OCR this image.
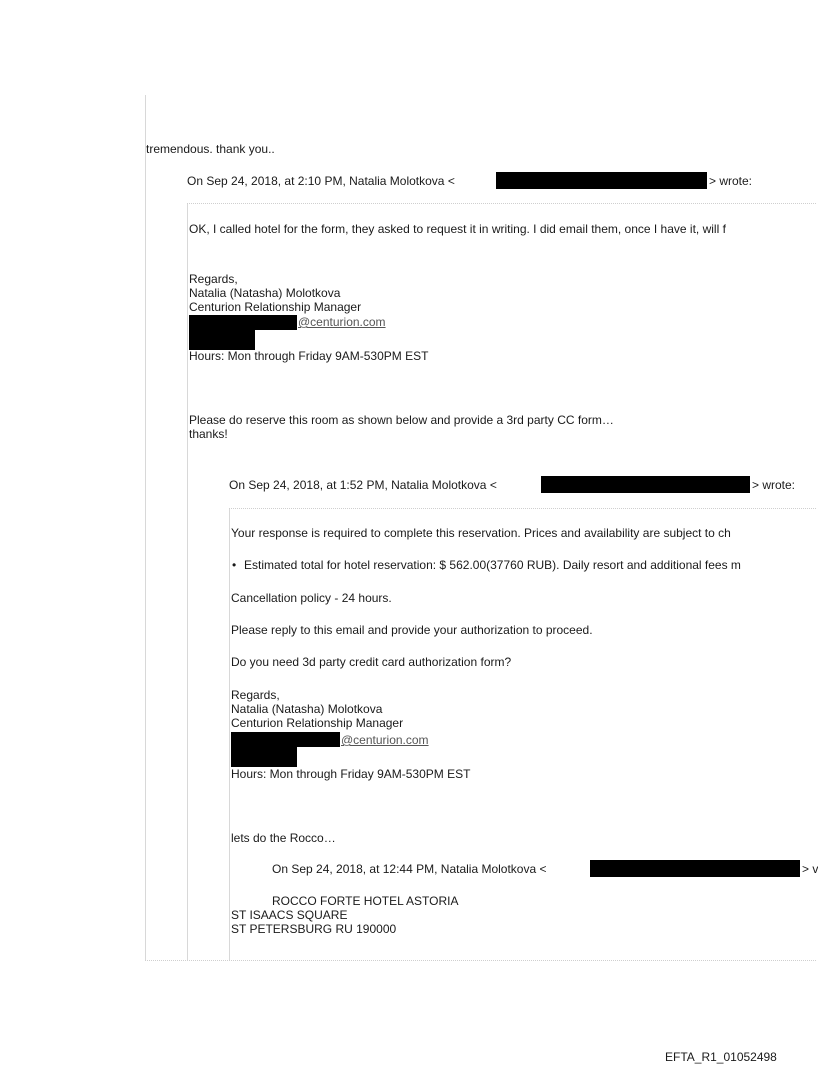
tremendous. thank you..
On Sep 24, 2018, at 2:10 PM, Natalia Molotkova <	> wrote:
OK, I called hotel for the form, they asked to request it in writing. I did email them, once I have it, will f
Regards,
Natalia (Natasha) Molotkova
Centurion Relationship Manager
@centurion.com
Hours: Mon through Friday 9AM-530PM EST
Please do reserve this room as shown below and provide a 3rd party CC form…
thanks!
On Sep 24, 2018, at 1:52 PM, Natalia Molotkova <	> wrote:
Your response is required to complete this reservation. Prices and availability are subject to ch
• Estimated total for hotel reservation: $ 562.00(37760 RUB). Daily resort and additional fees m
Cancellation policy - 24 hours.
Please reply to this email and provide your authorization to proceed.
Do you need 3d party credit card authorization form?
Regards,
Natalia (Natasha) Molotkova
Centurion Relationship Manager
@centurion.com
Hours: Mon through Friday 9AM-530PM EST
lets do the Rocco…
On Sep 24, 2018, at 12:44 PM, Natalia Molotkova <	> v
ROCCO FORTE HOTEL ASTORIA
ST ISAACS SQUARE
ST PETERSBURG RU 190000
EFTA_R1_01052498
